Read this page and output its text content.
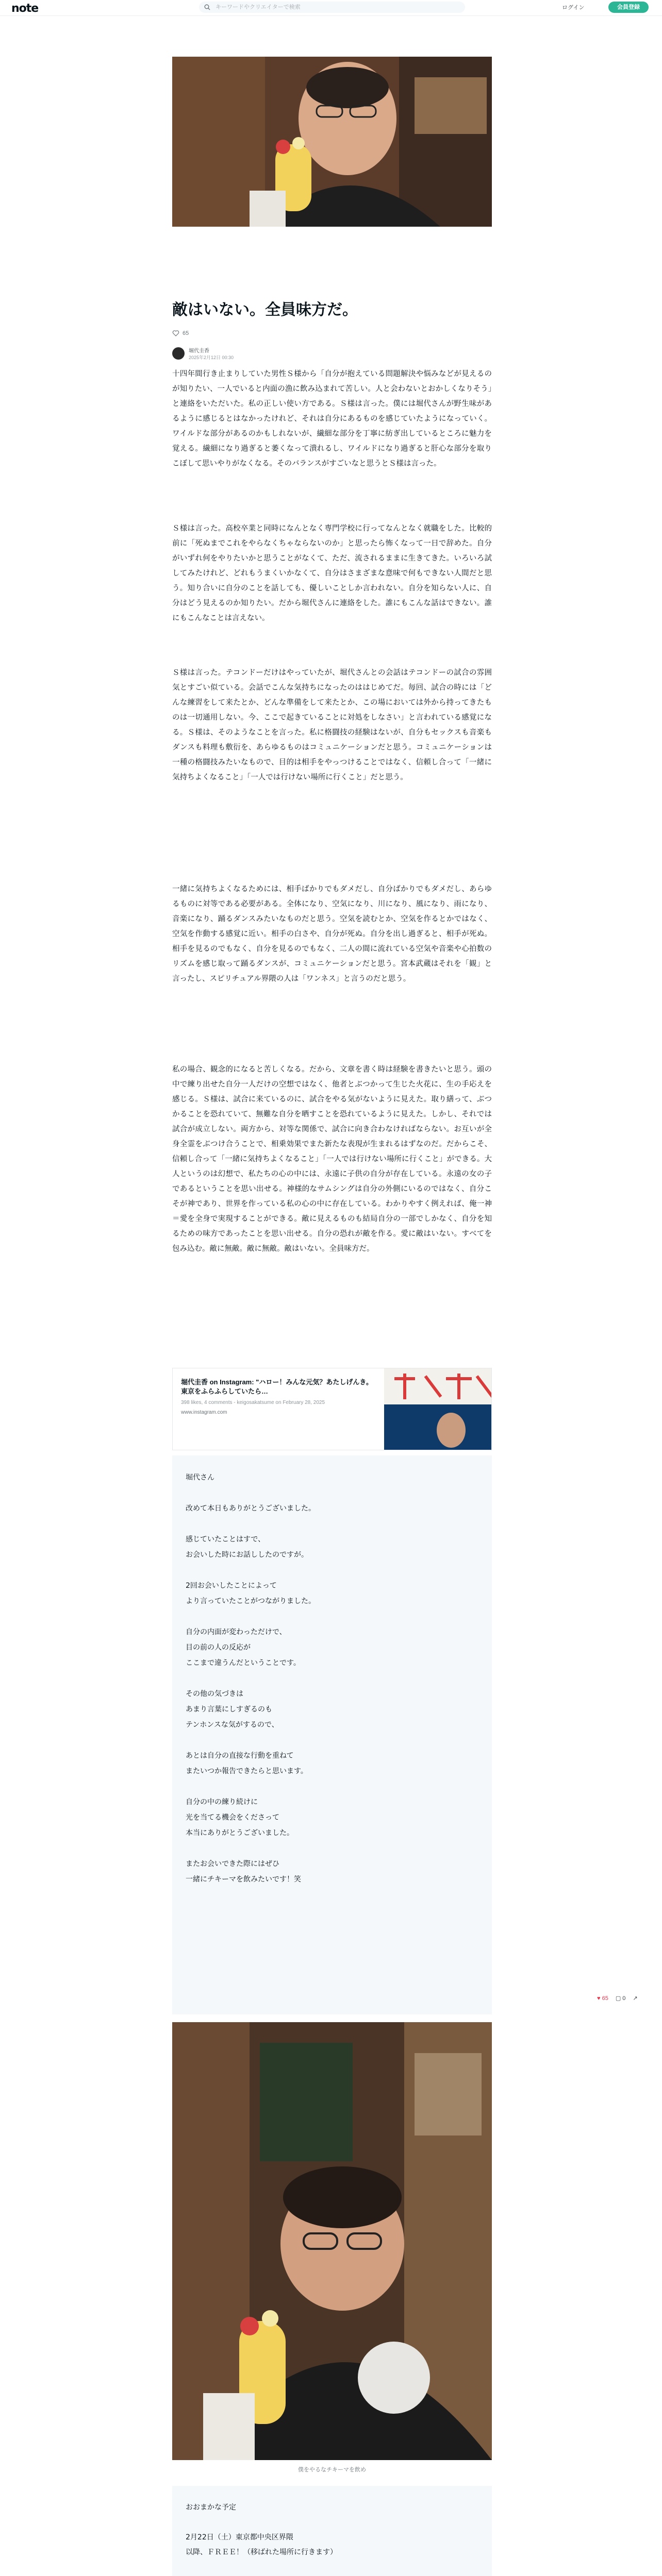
note
キーワードやクリエイターで検索	ログイン	会員登録
敵はいない。全員味方だ。
65
堀代圭香
2025年2月12日 00:30

十四年間行き止まりしていた男性Ｓ様から「自分が抱えている問題解決や悩みなどが見えるのが知りたい、一人でいると内面の漁に飲み込まれて苦しい。人と会わないとおかしくなりそう」と連絡をいただいた。私の正しい使い方である。Ｓ様は言った。僕には堀代さんが野生味があるように感じるとはなかったけれど、それは自分にあるものを感じていたようになっていく。ワイルドな部分があるのかもしれないが、繊細な部分を丁寧に紡ぎ出しているところに魅力を覚える。繊細になり過ぎると萎くなって潰れるし、ワイルドになり過ぎると肝心な部分を取りこぼして思いやりがなくなる。そのバランスがすごいなと思うとＳ様は言った。

Ｓ様は言った。高校卒業と同時になんとなく専門学校に行ってなんとなく就職をした。比較的前に「死ぬまでこれをやらなくちゃならないのか」と思ったら怖くなって一日で辞めた。自分がいずれ何をやりたいかと思うことがなくて、ただ、流されるままに生きてきた。いろいろ試してみたけれど、どれもうまくいかなくて、自分はさまざまな意味で何もできない人間だと思う。知り合いに自分のことを話しても、優しいことしか言われない。自分を知らない人に、自分はどう見えるのか知りたい。だから堀代さんに連絡をした。誰にもこんな話はできない。誰にもこんなことは言えない。

Ｓ様は言った。テコンドーだけはやっていたが、堀代さんとの会話はテコンドーの試合の雰囲気とすごい似ている。会話でこんな気持ちになったのははじめてだ。毎回、試合の時には「どんな練習をして来たとか、どんな準備をして来たとか、この場においては外から持ってきたものは一切通用しない。今、ここで起きていることに対処をしなさい」と言われている感覚になる。Ｓ様は、そのようなことを言った。私に格闘技の経験はないが、自分もセックスも音楽もダンスも料理も敷衍を、あらゆるものはコミュニケーションだと思う。コミュニケーションは一種の格闘技みたいなもので、目的は相手をやっつけることではなく、信頼し合って「一緒に気持ちよくなること」「一人では行けない場所に行くこと」だと思う。

一緒に気持ちよくなるためには、相手ばかりでもダメだし、自分ばかりでもダメだし、あらゆるものに対等である必要がある。全体になり、空気になり、川になり、風になり、雨になり、音楽になり、踊るダンスみたいなものだと思う。空気を読むとか、空気を作るとかではなく、空気を作動する感覚に近い。相手の白さや、自分が死ぬ。自分を出し過ぎると、相手が死ぬ。相手を見るのでもなく、自分を見るのでもなく、二人の間に流れている空気や音楽や心拍数のリズムを感じ取って踊るダンスが、コミュニケーションだと思う。宮本武蔵はそれを「観」と言ったし、スピリチュアル界隈の人は「ワンネス」と言うのだと思う。

私の場合、観念的になると苦しくなる。だから、文章を書く時は経験を書きたいと思う。頭の中で練り出せた自分一人だけの空想ではなく、他者とぶつかって生じた火花に、生の手応えを感じる。Ｓ様は、試合に来ているのに、試合をやる気がないように見えた。取り繕って、ぶつかることを恐れていて、無難な自分を晒すことを恐れているように見えた。しかし、それでは試合が成立しない。両方から、対等な関係で、試合に向き合わなければならない。お互いが全身全霊をぶつけ合うことで、相乗効果でまた新たな表現が生まれるはずなのだ。だからこそ、信頼し合って「一緒に気持ちよくなること」「一人では行けない場所に行くこと」ができる。大人というのは幻想で、私たちの心の中には、永遠に子供の自分が存在している。永遠の女の子であるということを思い出せる。神様的なサムシングは自分の外側にいるのではなく、自分こそが神であり、世界を作っている私の心の中に存在している。わかりやすく例えれば、俺一神＝愛を全身で実現することができる。敵に見えるものも結局自分の一部でしかなく、自分を知るための味方であったことを思い出せる。自分の恐れが敵を作る。愛に敵はいない。すべてを包み込む。敵に無敵。敵に無敵。敵はいない。全員味方だ。

堀代圭香 on Instagram: "ハロー！みんな元気？あたしげんき。東京をふらふらしていたら…
398 likes, 4 comments - keigosakatsume on February 28, 2025
www.instagram.com
堀代さん
改めて本日もありがとうございました。
感じていたことはすで、
お会いした時にお話ししたのですが。
2回お会いしたことによって
より言っていたことがつながりました。
自分の内面が変わっただけで、
目の前の人の反応が
ここまで違うんだということです。
その他の気づきは
あまり言葉にしすぎるのも
テンホンスな気がするので、
あとは自分の直接な行動を重ねて
またいつか報告できたらと思います。
自分の中の練り続けに
光を当てる機会をくださって
本当にありがとうございました。
またお会いできた際にはぜひ
一緒にチキーマを飲みたいです！笑
僕をやるなチキーマを飲め
おおまかな予定
2月22日（土）東京都中央区界隈
以降、ＦＲＥＥ！（移ばれた場所に行きます）
♥ 65 ▢ 0 ↗
